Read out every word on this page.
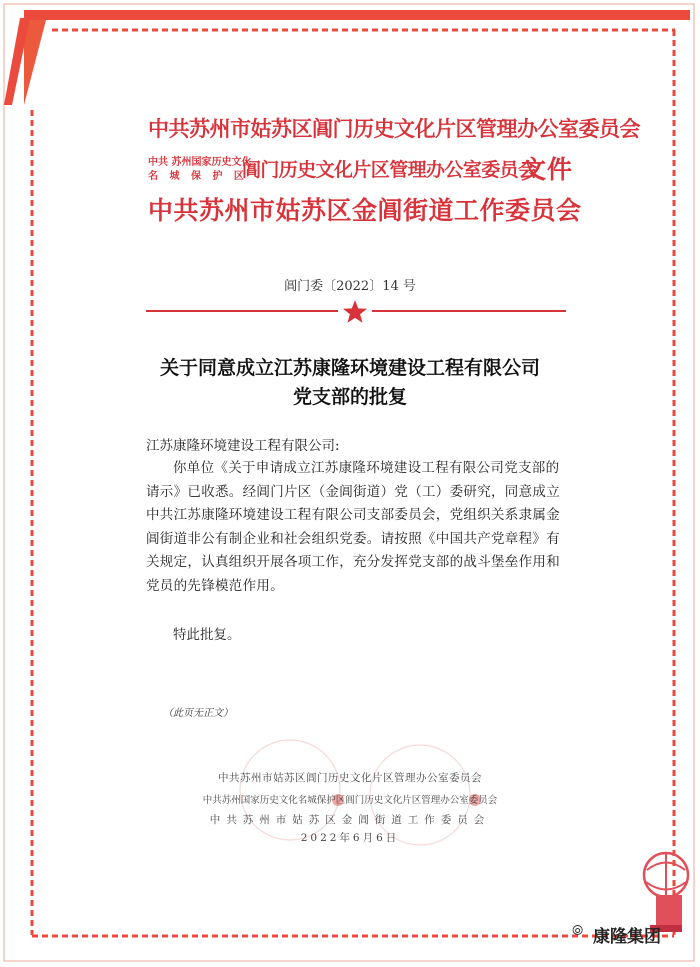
中共苏州市姑苏区阊门历史文化片区管理办公室委员会
中共 苏州国家历史文化
名 城 保 护 区
阊门历史文化片区管理办公室委员会
文件
中共苏州市姑苏区金阊街道工作委员会
阊门委〔2022〕14 号
关于同意成立江苏康隆环境建设工程有限公司
党支部的批复
江苏康隆环境建设工程有限公司:
你单位《关于申请成立江苏康隆环境建设工程有限公司党支部的请示》已收悉。经阊门片区（金阊街道）党（工）委研究，同意成立中共江苏康隆环境建设工程有限公司支部委员会，党组织关系隶属金阊街道非公有制企业和社会组织党委。请按照《中国共产党章程》有关规定，认真组织开展各项工作，充分发挥党支部的战斗堡垒作用和党员的先锋模范作用。
特此批复。
（此页无正文）
中共苏州市姑苏区阊门历史文化片区管理办公室委员会
中共苏州国家历史文化名城保护区阊门历史文化片区管理办公室委员会
中共苏州市姑苏区金阊街道工作委员会
2022年6月6日
⦾ 康隆集团
